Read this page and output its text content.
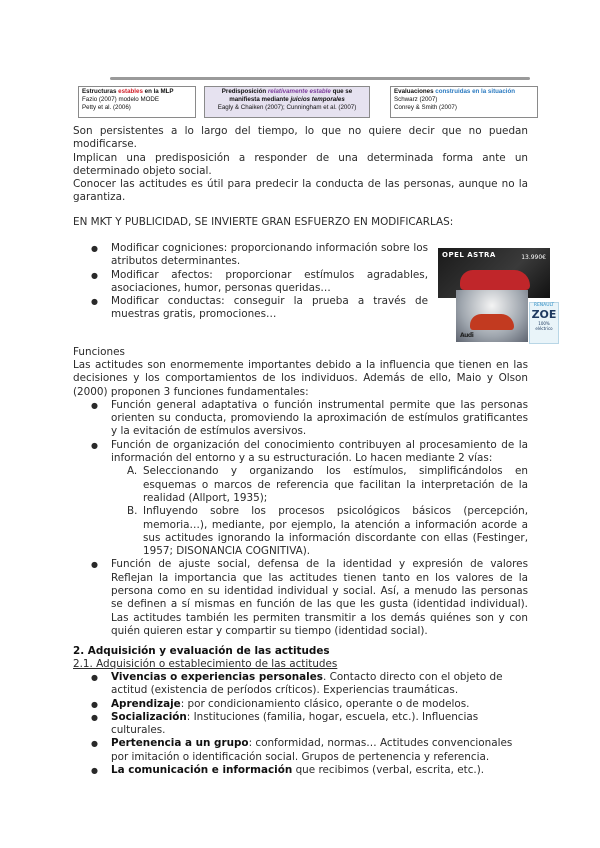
Estructuras estables en la MLP
Fazio (2007) modelo MODE
Petty et al. (2006)
Predisposición relativamente estable que se
manifiesta mediante juicios temporales
Eagly & Chaiken (2007); Cunningham et al. (2007)
Evaluaciones construidas en la situación
Schwarz (2007)
Conrey & Smith (2007)

Son persistentes a lo largo del tiempo, lo que no quiere decir que no puedan modificarse.

Implican una predisposición a responder de una determinada forma ante un determinado objeto social.

Conocer las actitudes es útil para predecir la conducta de las personas, aunque no la garantiza.

EN MKT Y PUBLICIDAD, SE INVIERTE GRAN ESFUERZO EN MODIFICARLAS:
● Modificar cogniciones: proporcionando información sobre los atributos determinantes.
● Modificar afectos: proporcionar estímulos agradables, asociaciones, humor, personas queridas…
● Modificar conductas: conseguir la prueba a través de muestras gratis, promociones…
OPEL ASTRA	13.990€
Audi
RENAULT
ZOE
100% eléctrico
Funciones

Las actitudes son enormemente importantes debido a la influencia que tienen en las decisiones y los comportamientos de los individuos. Además de ello, Maio y Olson (2000) proponen 3 funciones fundamentales:

● Función general adaptativa o función instrumental permite que las personas orienten su conducta, promoviendo la aproximación de estímulos gratificantes y la evitación de estímulos aversivos.
● Función de organización del conocimiento contribuyen al procesamiento de la información del entorno y a su estructuración. Lo hacen mediante 2 vías:
A. Seleccionando y organizando los estímulos, simplificándolos en esquemas o marcos de referencia que facilitan la interpretación de la realidad (Allport, 1935);
B. Influyendo sobre los procesos psicológicos básicos (percepción, memoria…), mediante, por ejemplo, la atención a información acorde a sus actitudes ignorando la información discordante con ellas (Festinger, 1957; DISONANCIA COGNITIVA).
● Función de ajuste social, defensa de la identidad y expresión de valores Reflejan la importancia que las actitudes tienen tanto en los valores de la persona como en su identidad individual y social. Así, a menudo las personas se definen a sí mismas en función de las que les gusta (identidad individual). Las actitudes también les permiten transmitir a los demás quiénes son y con quién quieren estar y compartir su tiempo (identidad social).
2. Adquisición y evaluación de las actitudes
2.1. Adquisición o establecimiento de las actitudes
● Vivencias o experiencias personales. Contacto directo con el objeto de actitud (existencia de períodos críticos). Experiencias traumáticas.
● Aprendizaje: por condicionamiento clásico, operante o de modelos.
● Socialización: Instituciones (familia, hogar, escuela, etc.). Influencias culturales.
● Pertenencia a un grupo: conformidad, normas… Actitudes convencionales por imitación o identificación social. Grupos de pertenencia y referencia.
● La comunicación e información que recibimos (verbal, escrita, etc.).
